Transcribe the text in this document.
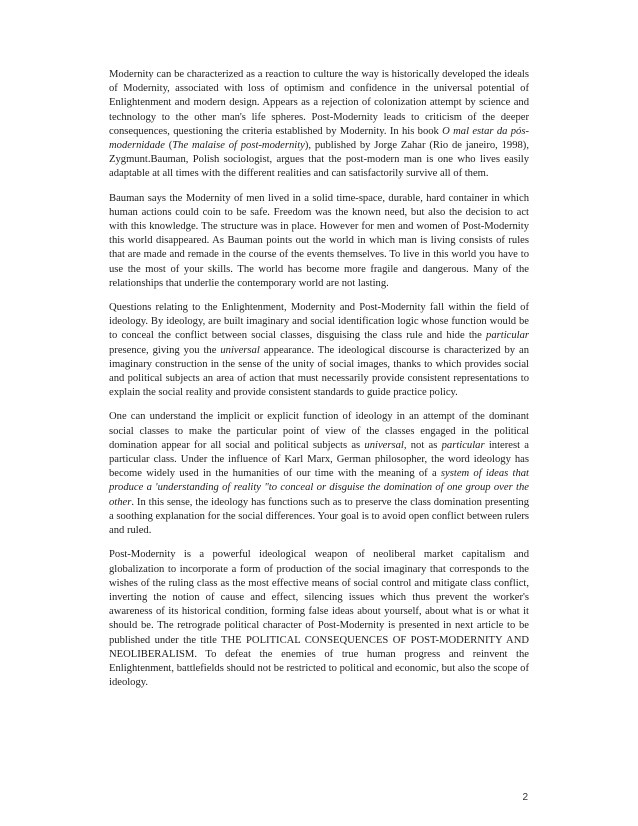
Modernity can be characterized as a reaction to culture the way is historically developed the ideals of Modernity, associated with loss of optimism and confidence in the universal potential of Enlightenment and modern design. Appears as a rejection of colonization attempt by science and technology to the other man's life spheres. Post-Modernity leads to criticism of the deeper consequences, questioning the criteria established by Modernity. In his book O mal estar da pós-modernidade (The malaise of post-modernity), published by Jorge Zahar (Rio de janeiro, 1998), Zygmunt.Bauman, Polish sociologist, argues that the post-modern man is one who lives easily adaptable at all times with the different realities and can satisfactorily survive all of them.

Bauman says the Modernity of men lived in a solid time-space, durable, hard container in which human actions could coin to be safe. Freedom was the known need, but also the decision to act with this knowledge. The structure was in place. However for men and women of Post-Modernity this world disappeared. As Bauman points out the world in which man is living consists of rules that are made and remade in the course of the events themselves. To live in this world you have to use the most of your skills. The world has become more fragile and dangerous. Many of the relationships that underlie the contemporary world are not lasting.

Questions relating to the Enlightenment, Modernity and Post-Modernity fall within the field of ideology. By ideology, are built imaginary and social identification logic whose function would be to conceal the conflict between social classes, disguising the class rule and hide the particular presence, giving you the universal appearance. The ideological discourse is characterized by an imaginary construction in the sense of the unity of social images, thanks to which provides social and political subjects an area of action that must necessarily provide consistent representations to explain the social reality and provide consistent standards to guide practice policy.

One can understand the implicit or explicit function of ideology in an attempt of the dominant social classes to make the particular point of view of the classes engaged in the political domination appear for all social and political subjects as universal, not as particular interest a particular class. Under the influence of Karl Marx, German philosopher, the word ideology has become widely used in the humanities of our time with the meaning of a system of ideas that produce a 'understanding of reality "to conceal or disguise the domination of one group over the other. In this sense, the ideology has functions such as to preserve the class domination presenting a soothing explanation for the social differences. Your goal is to avoid open conflict between rulers and ruled.

Post-Modernity is a powerful ideological weapon of neoliberal market capitalism and globalization to incorporate a form of production of the social imaginary that corresponds to the wishes of the ruling class as the most effective means of social control and mitigate class conflict, inverting the notion of cause and effect, silencing issues which thus prevent the worker's awareness of its historical condition, forming false ideas about yourself, about what is or what it should be. The retrograde political character of Post-Modernity is presented in next article to be published under the title THE POLITICAL CONSEQUENCES OF POST-MODERNITY AND NEOLIBERALISM. To defeat the enemies of true human progress and reinvent the Enlightenment, battlefields should not be restricted to political and economic, but also the scope of ideology.

2
